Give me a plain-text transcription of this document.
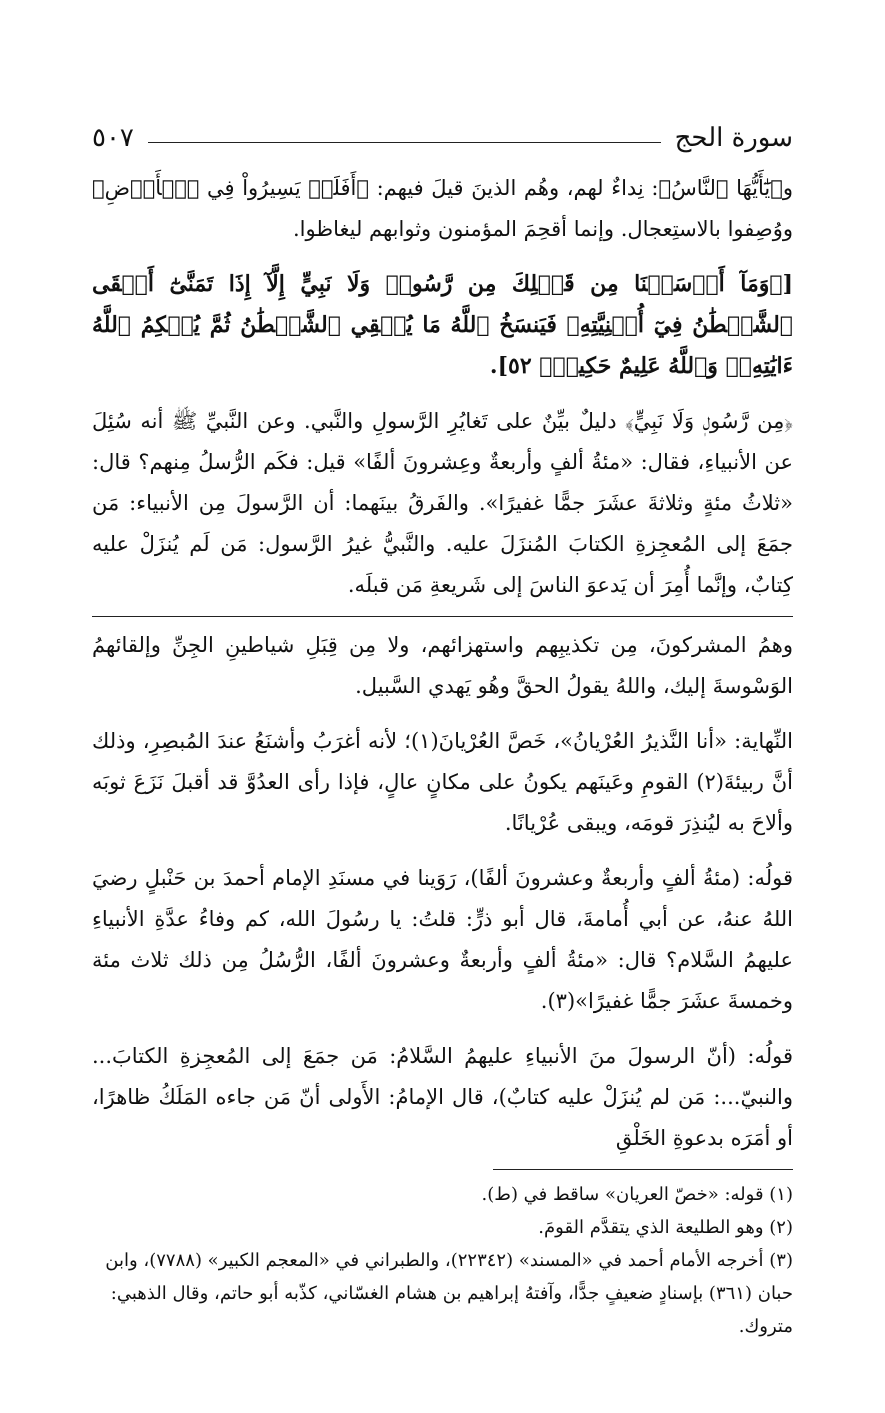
سورة الحج
٥٠٧

و﴿يَٰٓأَيُّهَا ٱلنَّاسُ﴾: نِداءٌ لهم، وهُم الذينَ قيلَ فيهم: ﴿أَفَلَمۡ يَسِيرُواْ فِي ٱلۡأَرۡضِ﴾ ووُصِفوا بالاستِعجال. وإنما أقحِمَ المؤمنون وثوابهم ليغاظوا.

[﴿وَمَآ أَرۡسَلۡنَا مِن قَبۡلِكَ مِن رَّسُولٖ وَلَا نَبِيٍّ إِلَّآ إِذَا تَمَنَّىٰٓ أَلۡقَى ٱلشَّيۡطَٰنُ فِيٓ أُمۡنِيَّتِهِۦ فَيَنسَخُ ٱللَّهُ مَا يُلۡقِي ٱلشَّيۡطَٰنُ ثُمَّ يُحۡكِمُ ٱللَّهُ ءَايَٰتِهِۦۗ وَٱللَّهُ عَلِيمٌ حَكِيمٞ﴾ ٥٢].

﴿مِن رَّسُولٖ وَلَا نَبِيٍّ﴾ دليلٌ بيِّنٌ على تَغايُرِ الرَّسولِ والنَّبي. وعن النَّبيِّ ﷺ أنه سُئِلَ عن الأنبياءِ، فقال: «مئةُ ألفٍ وأربعةٌ وعِشرونَ ألفًا» قيل: فكَم الرُّسلُ مِنهم؟ قال: «ثلاثُ مئةٍ وثلاثةَ عشَرَ جمًّا غفيرًا». والفَرقُ بينَهما: أن الرَّسولَ مِن الأنبياء: مَن جمَعَ إلى المُعجِزةِ الكتابَ المُنزَلَ عليه. والنَّبيُّ غيرُ الرَّسول: مَن لَم يُنزَلْ عليه كِتابٌ، وإنَّما أُمِرَ أن يَدعوَ الناسَ إلى شَريعةِ مَن قبلَه.

وهمُ المشركونَ، مِن تكذيبِهم واستهزائهم، ولا مِن قِبَلِ شياطينِ الجِنِّ وإلقائهمُ الوَسْوسةَ إليك، واللهُ يقولُ الحقَّ وهُو يَهدي السَّبيل.

النِّهاية: «أنا النَّذيرُ العُرْيانُ»، خَصَّ العُرْيانَ(١)؛ لأنه أغرَبُ وأشنَعُ عندَ المُبصِرِ، وذلك أنَّ ربيئةَ(٢) القومِ وعَينَهم يكونُ على مكانٍ عالٍ، فإذا رأى العدُوَّ قد أقبلَ نَزَعَ ثوبَه وألاحَ به ليُنذِرَ قومَه، ويبقى عُرْيانًا.

قولُه: (مئةُ ألفٍ وأربعةٌ وعشرونَ ألفًا)، رَوَينا في مسنَدِ الإمام أحمدَ بن حَنْبلٍ رضيَ اللهُ عنهُ، عن أبي أُمامةَ، قال أبو ذرٍّ: قلتُ: يا رسُولَ الله، كم وفاءُ عدَّةِ الأنبياءِ عليهمُ السَّلام؟ قال: «مئةُ ألفٍ وأربعةٌ وعشرونَ ألفًا، الرُّسُلُ مِن ذلك ثلاث مئة وخمسةَ عشَرَ جمًّا غفيرًا»(٣).

قولُه: (أنّ الرسولَ منَ الأنبياءِ عليهمُ السَّلامُ: مَن جمَعَ إلى المُعجِزةِ الكتابَ... والنبيّ...: مَن لم يُنزَلْ عليه كتابٌ)، قال الإمامُ: الأَولى أنّ مَن جاءه المَلَكُ ظاهرًا، أو أمَرَه بدعوةِ الخَلْقِ

(١) قوله: «خصّ العريان» ساقط في (ط).

(٢) وهو الطليعة الذي يتقدَّم القومَ.

(٣) أخرجه الأمام أحمد في «المسند» (٢٢٣٤٢)، والطبراني في «المعجم الكبير» (٧٧٨٨)، وابن حبان (٣٦١) بإسنادٍ ضعيفٍ جدًّا، وآفتهُ إبراهيم بن هشام الغسّاني، كذّبه أبو حاتم، وقال الذهبي: متروك.
